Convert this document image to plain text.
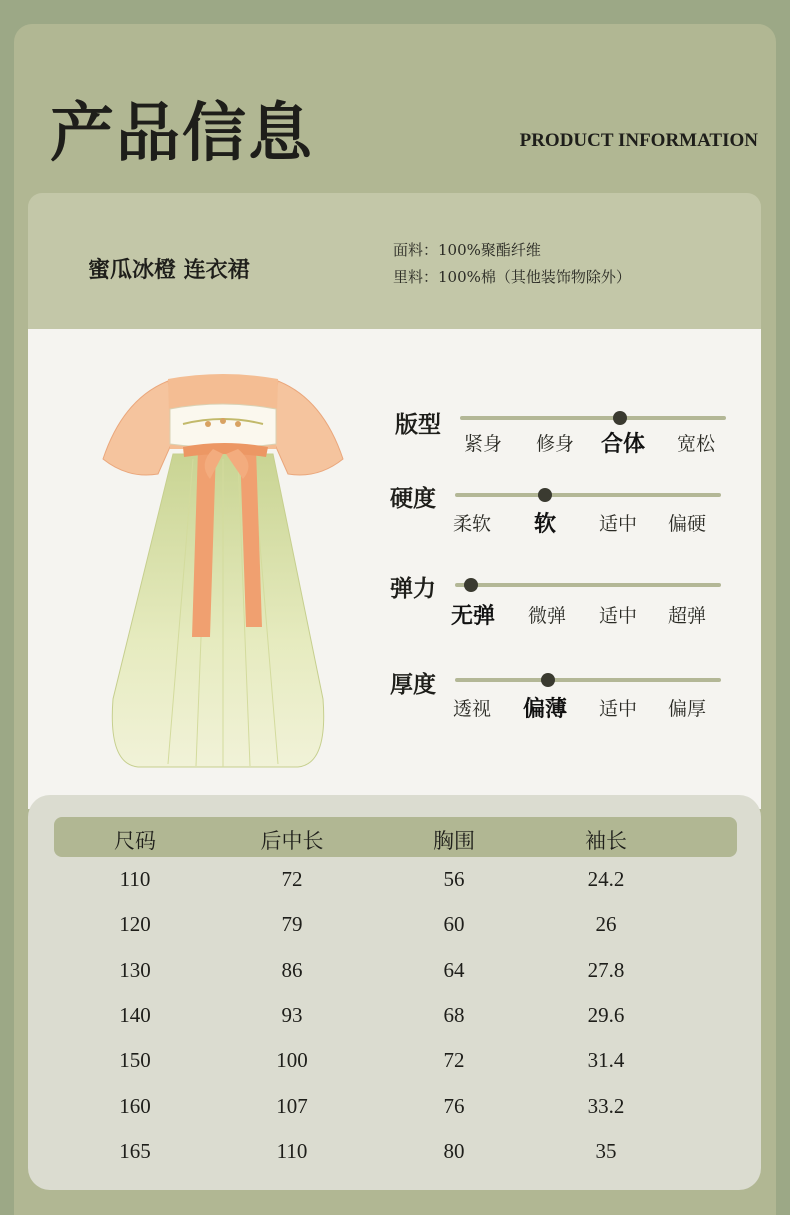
产品信息	PRODUCT INFORMATION
蜜瓜冰橙 连衣裙
面料：100%聚酯纤维
里料：100%棉（其他装饰物除外）
版型
紧身 修身 合体 宽松
硬度
柔软 软 适中 偏硬
弹力
无弹 微弹 适中 超弹
厚度
透视 偏薄 适中 偏厚
尺码	后中长	胸围	袖长
110	72	56	24.2
120	79	60	26
130	86	64	27.8
140	93	68	29.6
150	100	72	31.4
160	107	76	33.2
165	110	80	35
